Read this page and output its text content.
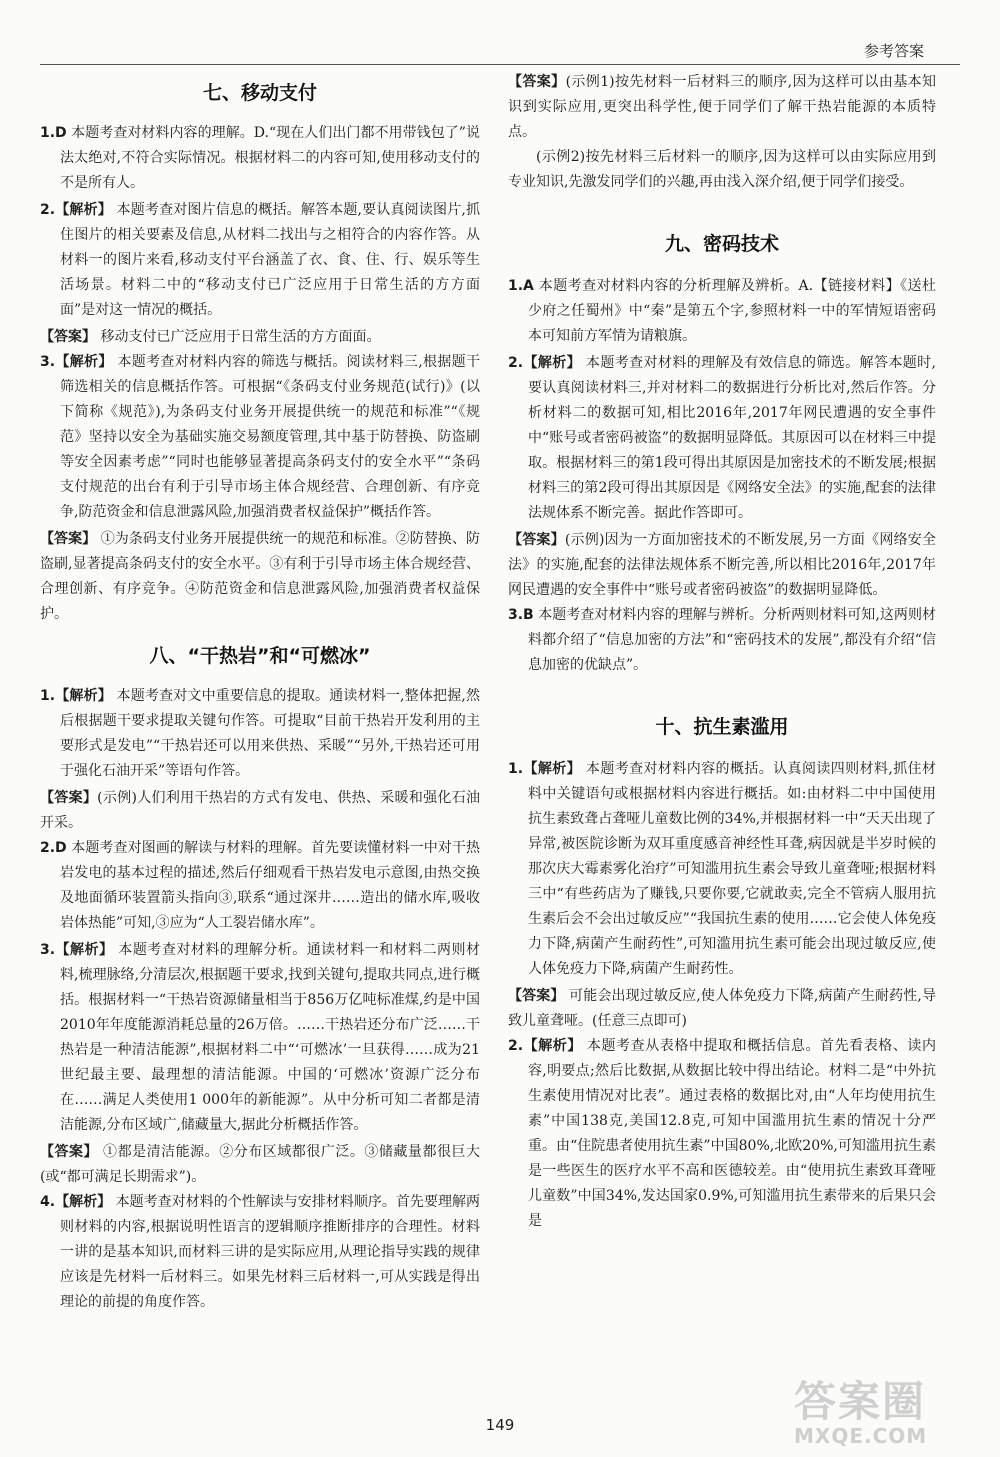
参考答案
七、移动支付
1.D 本题考查对材料内容的理解。D.“现在人们出门都不用带钱包了”说法太绝对,不符合实际情况。根据材料二的内容可知,使用移动支付的不是所有人。
2.【解析】 本题考查对图片信息的概括。解答本题,要认真阅读图片,抓住图片的相关要素及信息,从材料二找出与之相符合的内容作答。从材料一的图片来看,移动支付平台涵盖了衣、食、住、行、娱乐等生活场景。材料二中的“移动支付已广泛应用于日常生活的方方面面”是对这一情况的概括。
【答案】 移动支付已广泛应用于日常生活的方方面面。
3.【解析】 本题考查对材料内容的筛选与概括。阅读材料三,根据题干筛选相关的信息概括作答。可根据“《条码支付业务规范(试行)》(以下简称《规范》),为条码支付业务开展提供统一的规范和标准”“《规范》坚持以安全为基础实施交易额度管理,其中基于防替换、防盗刷等安全因素考虑”“同时也能够显著提高条码支付的安全水平”“条码支付规范的出台有利于引导市场主体合规经营、合理创新、有序竞争,防范资金和信息泄露风险,加强消费者权益保护”概括作答。
【答案】 ①为条码支付业务开展提供统一的规范和标准。②防替换、防盗刷,显著提高条码支付的安全水平。③有利于引导市场主体合规经营、合理创新、有序竞争。④防范资金和信息泄露风险,加强消费者权益保护。
八、“干热岩”和“可燃冰”
1.【解析】 本题考查对文中重要信息的提取。通读材料一,整体把握,然后根据题干要求提取关键句作答。可提取“目前干热岩开发利用的主要形式是发电”“干热岩还可以用来供热、采暖”“另外,干热岩还可用于强化石油开采”等语句作答。
【答案】(示例)人们利用干热岩的方式有发电、供热、采暖和强化石油开采。
2.D 本题考查对图画的解读与材料的理解。首先要读懂材料一中对干热岩发电的基本过程的描述,然后仔细观看干热岩发电示意图,由热交换及地面循环装置箭头指向③,联系“通过深井……造出的储水库,吸收岩体热能”可知,③应为“人工裂岩储水库”。
3.【解析】 本题考查对材料的理解分析。通读材料一和材料二两则材料,梳理脉络,分清层次,根据题干要求,找到关键句,提取共同点,进行概括。根据材料一“干热岩资源储量相当于856万亿吨标准煤,约是中国2010年年度能源消耗总量的26万倍。……干热岩还分布广泛……干热岩是一种清洁能源”,根据材料二中“‘可燃冰’一旦获得……成为21世纪最主要、最理想的清洁能源。中国的‘可燃冰’资源广泛分布在……满足人类使用1 000年的新能源”。从中分析可知二者都是清洁能源,分布区域广,储藏量大,据此分析概括作答。
【答案】 ①都是清洁能源。②分布区域都很广泛。③储藏量都很巨大(或“都可满足长期需求”)。
4.【解析】 本题考查对材料的个性解读与安排材料顺序。首先要理解两则材料的内容,根据说明性语言的逻辑顺序推断排序的合理性。材料一讲的是基本知识,而材料三讲的是实际应用,从理论指导实践的规律应该是先材料一后材料三。如果先材料三后材料一,可从实践是得出理论的前提的角度作答。
【答案】(示例1)按先材料一后材料三的顺序,因为这样可以由基本知识到实际应用,更突出科学性,便于同学们了解干热岩能源的本质特点。
(示例2)按先材料三后材料一的顺序,因为这样可以由实际应用到专业知识,先激发同学们的兴趣,再由浅入深介绍,便于同学们接受。
九、密码技术
1.A 本题考查对材料内容的分析理解及辨析。A.【链接材料】《送杜少府之任蜀州》中“秦”是第五个字,参照材料一中的军情短语密码本可知前方军情为请粮旗。
2.【解析】 本题考查对材料的理解及有效信息的筛选。解答本题时,要认真阅读材料三,并对材料二的数据进行分析比对,然后作答。分析材料二的数据可知,相比2016年,2017年网民遭遇的安全事件中“账号或者密码被盗”的数据明显降低。其原因可以在材料三中提取。根据材料三的第1段可得出其原因是加密技术的不断发展;根据材料三的第2段可得出其原因是《网络安全法》的实施,配套的法律法规体系不断完善。据此作答即可。
【答案】(示例)因为一方面加密技术的不断发展,另一方面《网络安全法》的实施,配套的法律法规体系不断完善,所以相比2016年,2017年网民遭遇的安全事件中“账号或者密码被盗”的数据明显降低。
3.B 本题考查对材料内容的理解与辨析。分析两则材料可知,这两则材料都介绍了“信息加密的方法”和“密码技术的发展”,都没有介绍“信息加密的优缺点”。
十、抗生素滥用
1.【解析】 本题考查对材料内容的概括。认真阅读四则材料,抓住材料中关键语句或根据材料内容进行概括。如:由材料二中中国使用抗生素致聋占聋哑儿童数比例的34%,并根据材料一中“天天出现了异常,被医院诊断为双耳重度感音神经性耳聋,病因就是半岁时候的那次庆大霉素雾化治疗”可知滥用抗生素会导致儿童聋哑;根据材料三中“有些药店为了赚钱,只要你要,它就敢卖,完全不管病人服用抗生素后会不会出过敏反应”“我国抗生素的使用……它会使人体免疫力下降,病菌产生耐药性”,可知滥用抗生素可能会出现过敏反应,使人体免疫力下降,病菌产生耐药性。
【答案】 可能会出现过敏反应,使人体免疫力下降,病菌产生耐药性,导致儿童聋哑。(任意三点即可)
2.【解析】 本题考查从表格中提取和概括信息。首先看表格、读内容,明要点;然后比数据,从数据比较中得出结论。材料二是“中外抗生素使用情况对比表”。通过表格的数据比对,由“人年均使用抗生素”中国138克,美国12.8克,可知中国滥用抗生素的情况十分严重。由“住院患者使用抗生素”中国80%,北欧20%,可知滥用抗生素是一些医生的医疗水平不高和医德较差。由“使用抗生素致耳聋哑儿童数”中国34%,发达国家0.9%,可知滥用抗生素带来的后果只会是
149	答案圈
MXQE.COM
